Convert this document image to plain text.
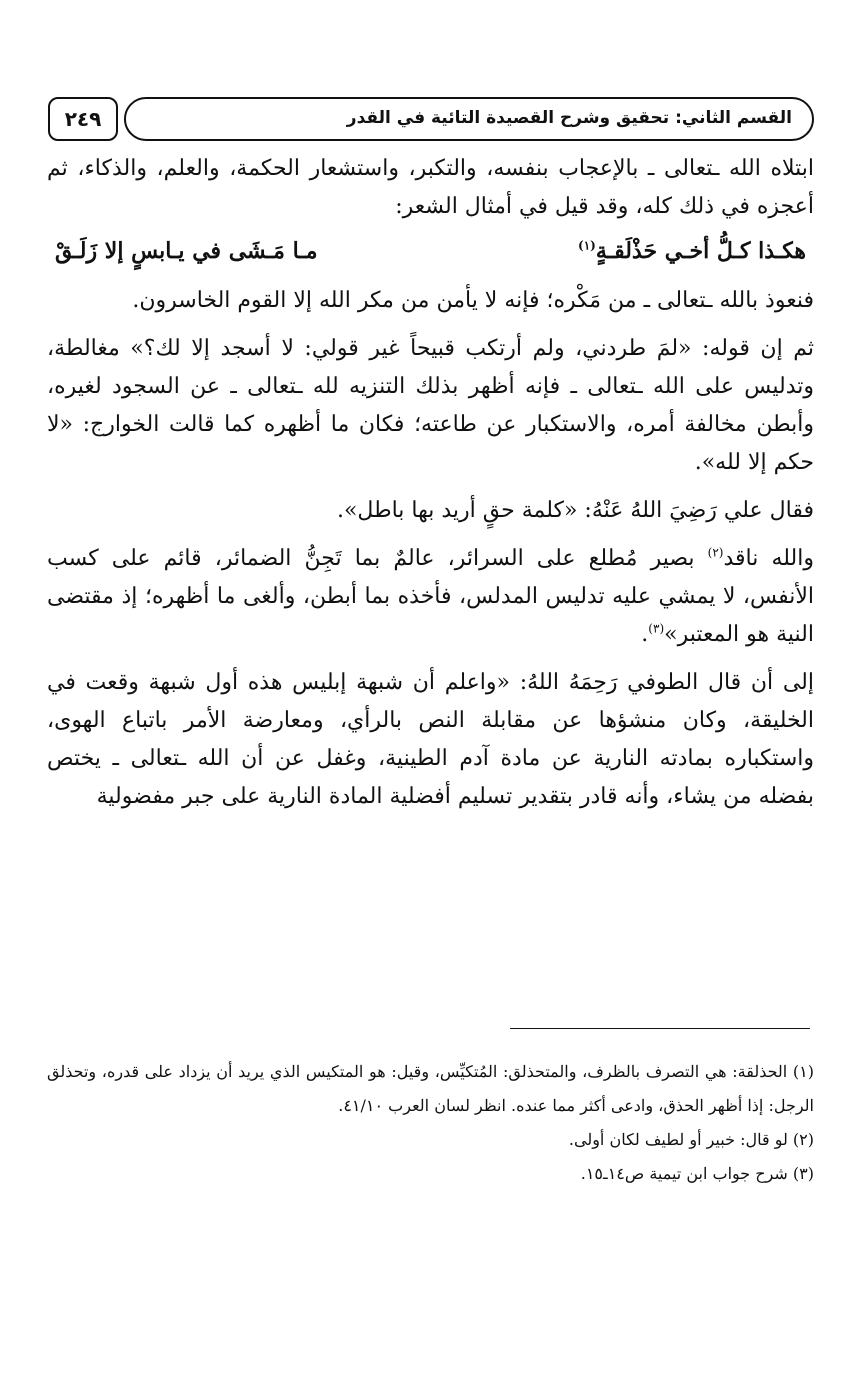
القسم الثاني: تحقيق وشرح القصيدة التائية في القدر
٢٤٩

ابتلاه الله ـتعالى ـ بالإعجاب بنفسه، والتكبر، واستشعار الحكمة، والعلم، والذكاء، ثم أعجزه في ذلك كله، وقد قيل في أمثال الشعر:

هكـذا كـلُّ أخـي حَذْلَقـةٍ$^{(١)}$
مـا مَـشَى في يـابسٍ إلا زَلَـقْ

فنعوذ بالله ـتعالى ـ من مَكْره؛ فإنه لا يأمن من مكر الله إلا القوم الخاسرون.

ثم إن قوله: «لمَ طردني، ولم أرتكب قبيحاً غير قولي: لا أسجد إلا لك؟» مغالطة، وتدليس على الله ـتعالى ـ فإنه أظهر بذلك التنزيه لله ـتعالى ـ عن السجود لغيره، وأبطن مخالفة أمره، والاستكبار عن طاعته؛ فكان ما أظهره كما قالت الخوارج: «لا حكم إلا لله».

فقال علي رَضِيَ اللهُ عَنْهُ: «كلمة حقٍ أريد بها باطل».

والله ناقد$^{(٢)}$ بصير مُطلع على السرائر، عالمٌ بما تَجِنُّ الضمائر، قائم على كسب الأنفس، لا يمشي عليه تدليس المدلس، فأخذه بما أبطن، وألغى ما أظهره؛ إذ مقتضى النية هو المعتبر»$^{(٣)}$.

إلى أن قال الطوفي رَحِمَهُ اللهُ: «واعلم أن شبهة إبليس هذه أول شبهة وقعت في الخليقة، وكان منشؤها عن مقابلة النص بالرأي، ومعارضة الأمر باتباع الهوى، واستكباره بمادته النارية عن مادة آدم الطينية، وغفل عن أن الله ـتعالى ـ يختص بفضله من يشاء، وأنه قادر بتقدير تسليم أفضلية المادة النارية على جبر مفضولية

(١) الحذلقة: هي التصرف بالظرف، والمتحذلق: المُتكيِّس، وقيل: هو المتكيس الذي يريد أن يزداد على قدره، وتحذلق الرجل: إذا أظهر الحذق، وادعى أكثر مما عنده. انظر لسان العرب ٤١/١٠.

(٢) لو قال: خبير أو لطيف لكان أولى.

(٣) شرح جواب ابن تيمية ص١٤ـ١٥.
